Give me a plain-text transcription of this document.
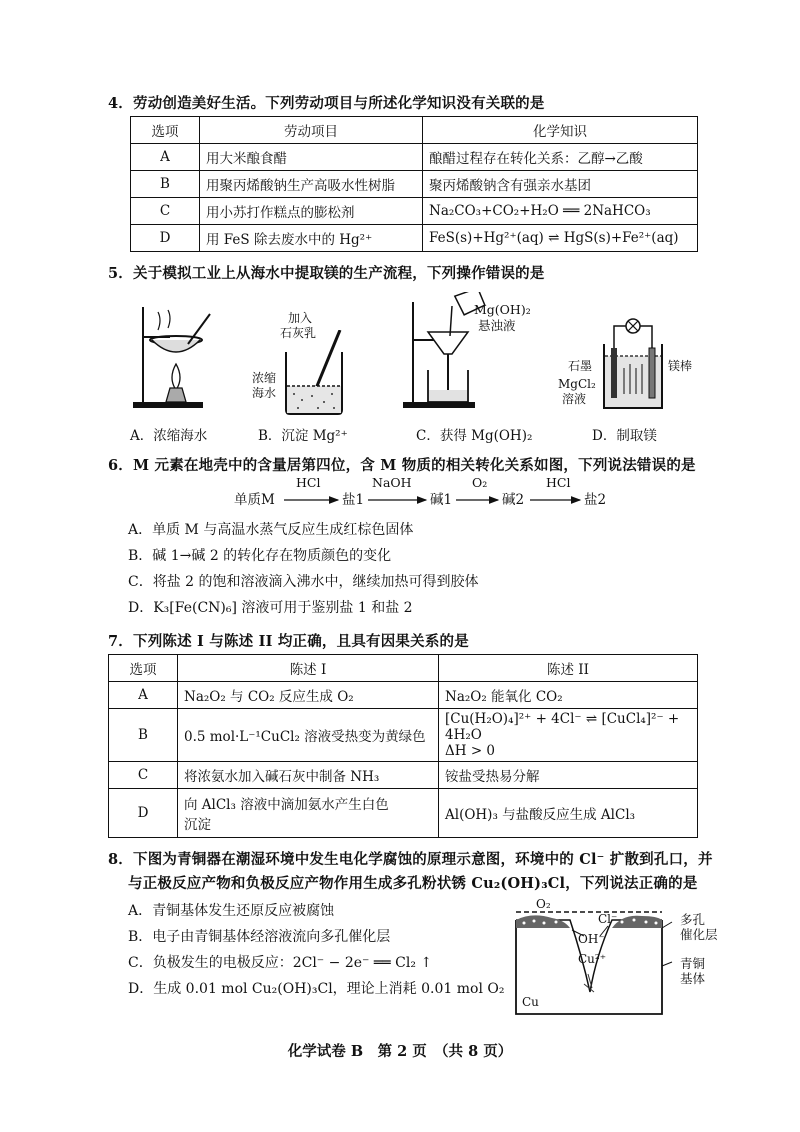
4．劳动创造美好生活。下列劳动项目与所述化学知识没有关联的是
选项	劳动项目	化学知识
A	用大米酿食醋	酿醋过程存在转化关系：乙醇→乙酸
B	用聚丙烯酸钠生产高吸水性树脂	聚丙烯酸钠含有强亲水基团
C	用小苏打作糕点的膨松剂	Na₂CO₃+CO₂+H₂O ══ 2NaHCO₃
D	用 FeS 除去废水中的 Hg²⁺	FeS(s)+Hg²⁺(aq) ⇌ HgS(s)+Fe²⁺(aq)
5．关于模拟工业上从海水中提取镁的生产流程，下列操作错误的是
加入
石灰乳
浓缩
海水
Mg(OH)₂
悬浊液
石墨
MgCl₂
溶液
镁棒
A．浓缩海水	B．沉淀 Mg²⁺	C．获得 Mg(OH)₂	D．制取镁
6．M 元素在地壳中的含量居第四位，含 M 物质的相关转化关系如图，下列说法错误的是
单质M
HCl
盐1
NaOH
碱1
O₂
碱2
HCl
盐2
A．单质 M 与高温水蒸气反应生成红棕色固体
B．碱 1→碱 2 的转化存在物质颜色的变化
C．将盐 2 的饱和溶液滴入沸水中，继续加热可得到胶体
D．K₃[Fe(CN)₆] 溶液可用于鉴别盐 1 和盐 2
7．下列陈述 I 与陈述 II 均正确，且具有因果关系的是
选项	陈述 I	陈述 II
A	Na₂O₂ 与 CO₂ 反应生成 O₂	Na₂O₂ 能氧化 CO₂
B	0.5 mol·L⁻¹CuCl₂ 溶液受热变为黄绿色	[Cu(H₂O)₄]²⁺ + 4Cl⁻ ⇌ [CuCl₄]²⁻ + 4H₂O
ΔH > 0

C	将浓氨水加入碱石灰中制备 NH₃	铵盐受热易分解
D	向 AlCl₃ 溶液中滴加氨水产生白色
沉淀	Al(OH)₃ 与盐酸反应生成 AlCl₃
8．下图为青铜器在潮湿环境中发生电化学腐蚀的原理示意图，环境中的 Cl⁻ 扩散到孔口，并
与正极反应产物和负极反应产物作用生成多孔粉状锈 Cu₂(OH)₃Cl，下列说法正确的是
A．青铜基体发生还原反应被腐蚀
B．电子由青铜基体经溶液流向多孔催化层
C．负极发生的电极反应：2Cl⁻ − 2e⁻ ══ Cl₂ ↑
D．生成 0.01 mol Cu₂(OH)₃Cl，理论上消耗 0.01 mol O₂
O₂
Cl⁻
OH⁻
Cu²⁺
Cu
多孔
催化层
青铜
基体
化学试卷 B　第 2 页　（共 8 页）
